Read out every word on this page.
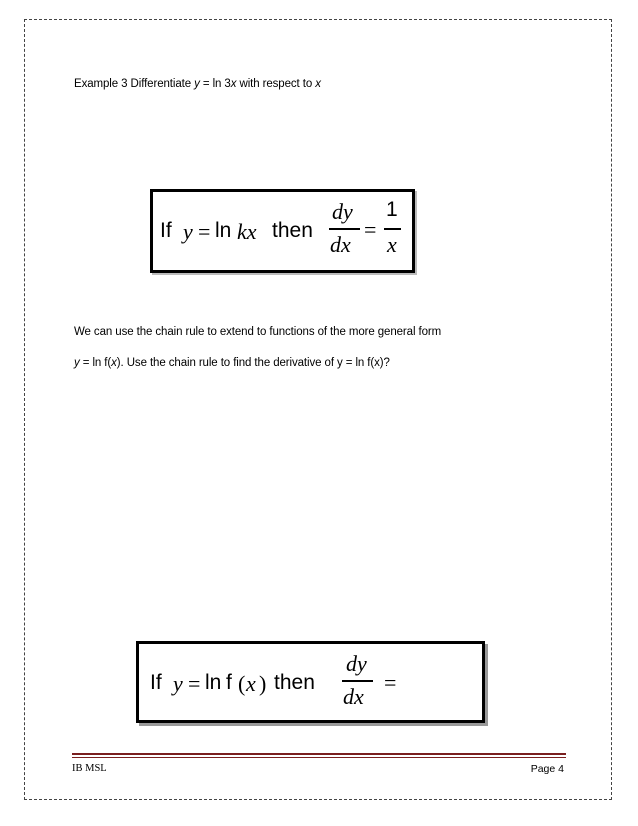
Example 3 Differentiate y = ln 3x with respect to x
If y = ln kx then
dy
dx
=
1
x
We can use the chain rule to extend to functions of the more general form
y = ln f(x). Use the chain rule to find the derivative of y = ln f(x)?
If y = ln f ( x ) then
dy
dx
=
IB MSL	Page 4
